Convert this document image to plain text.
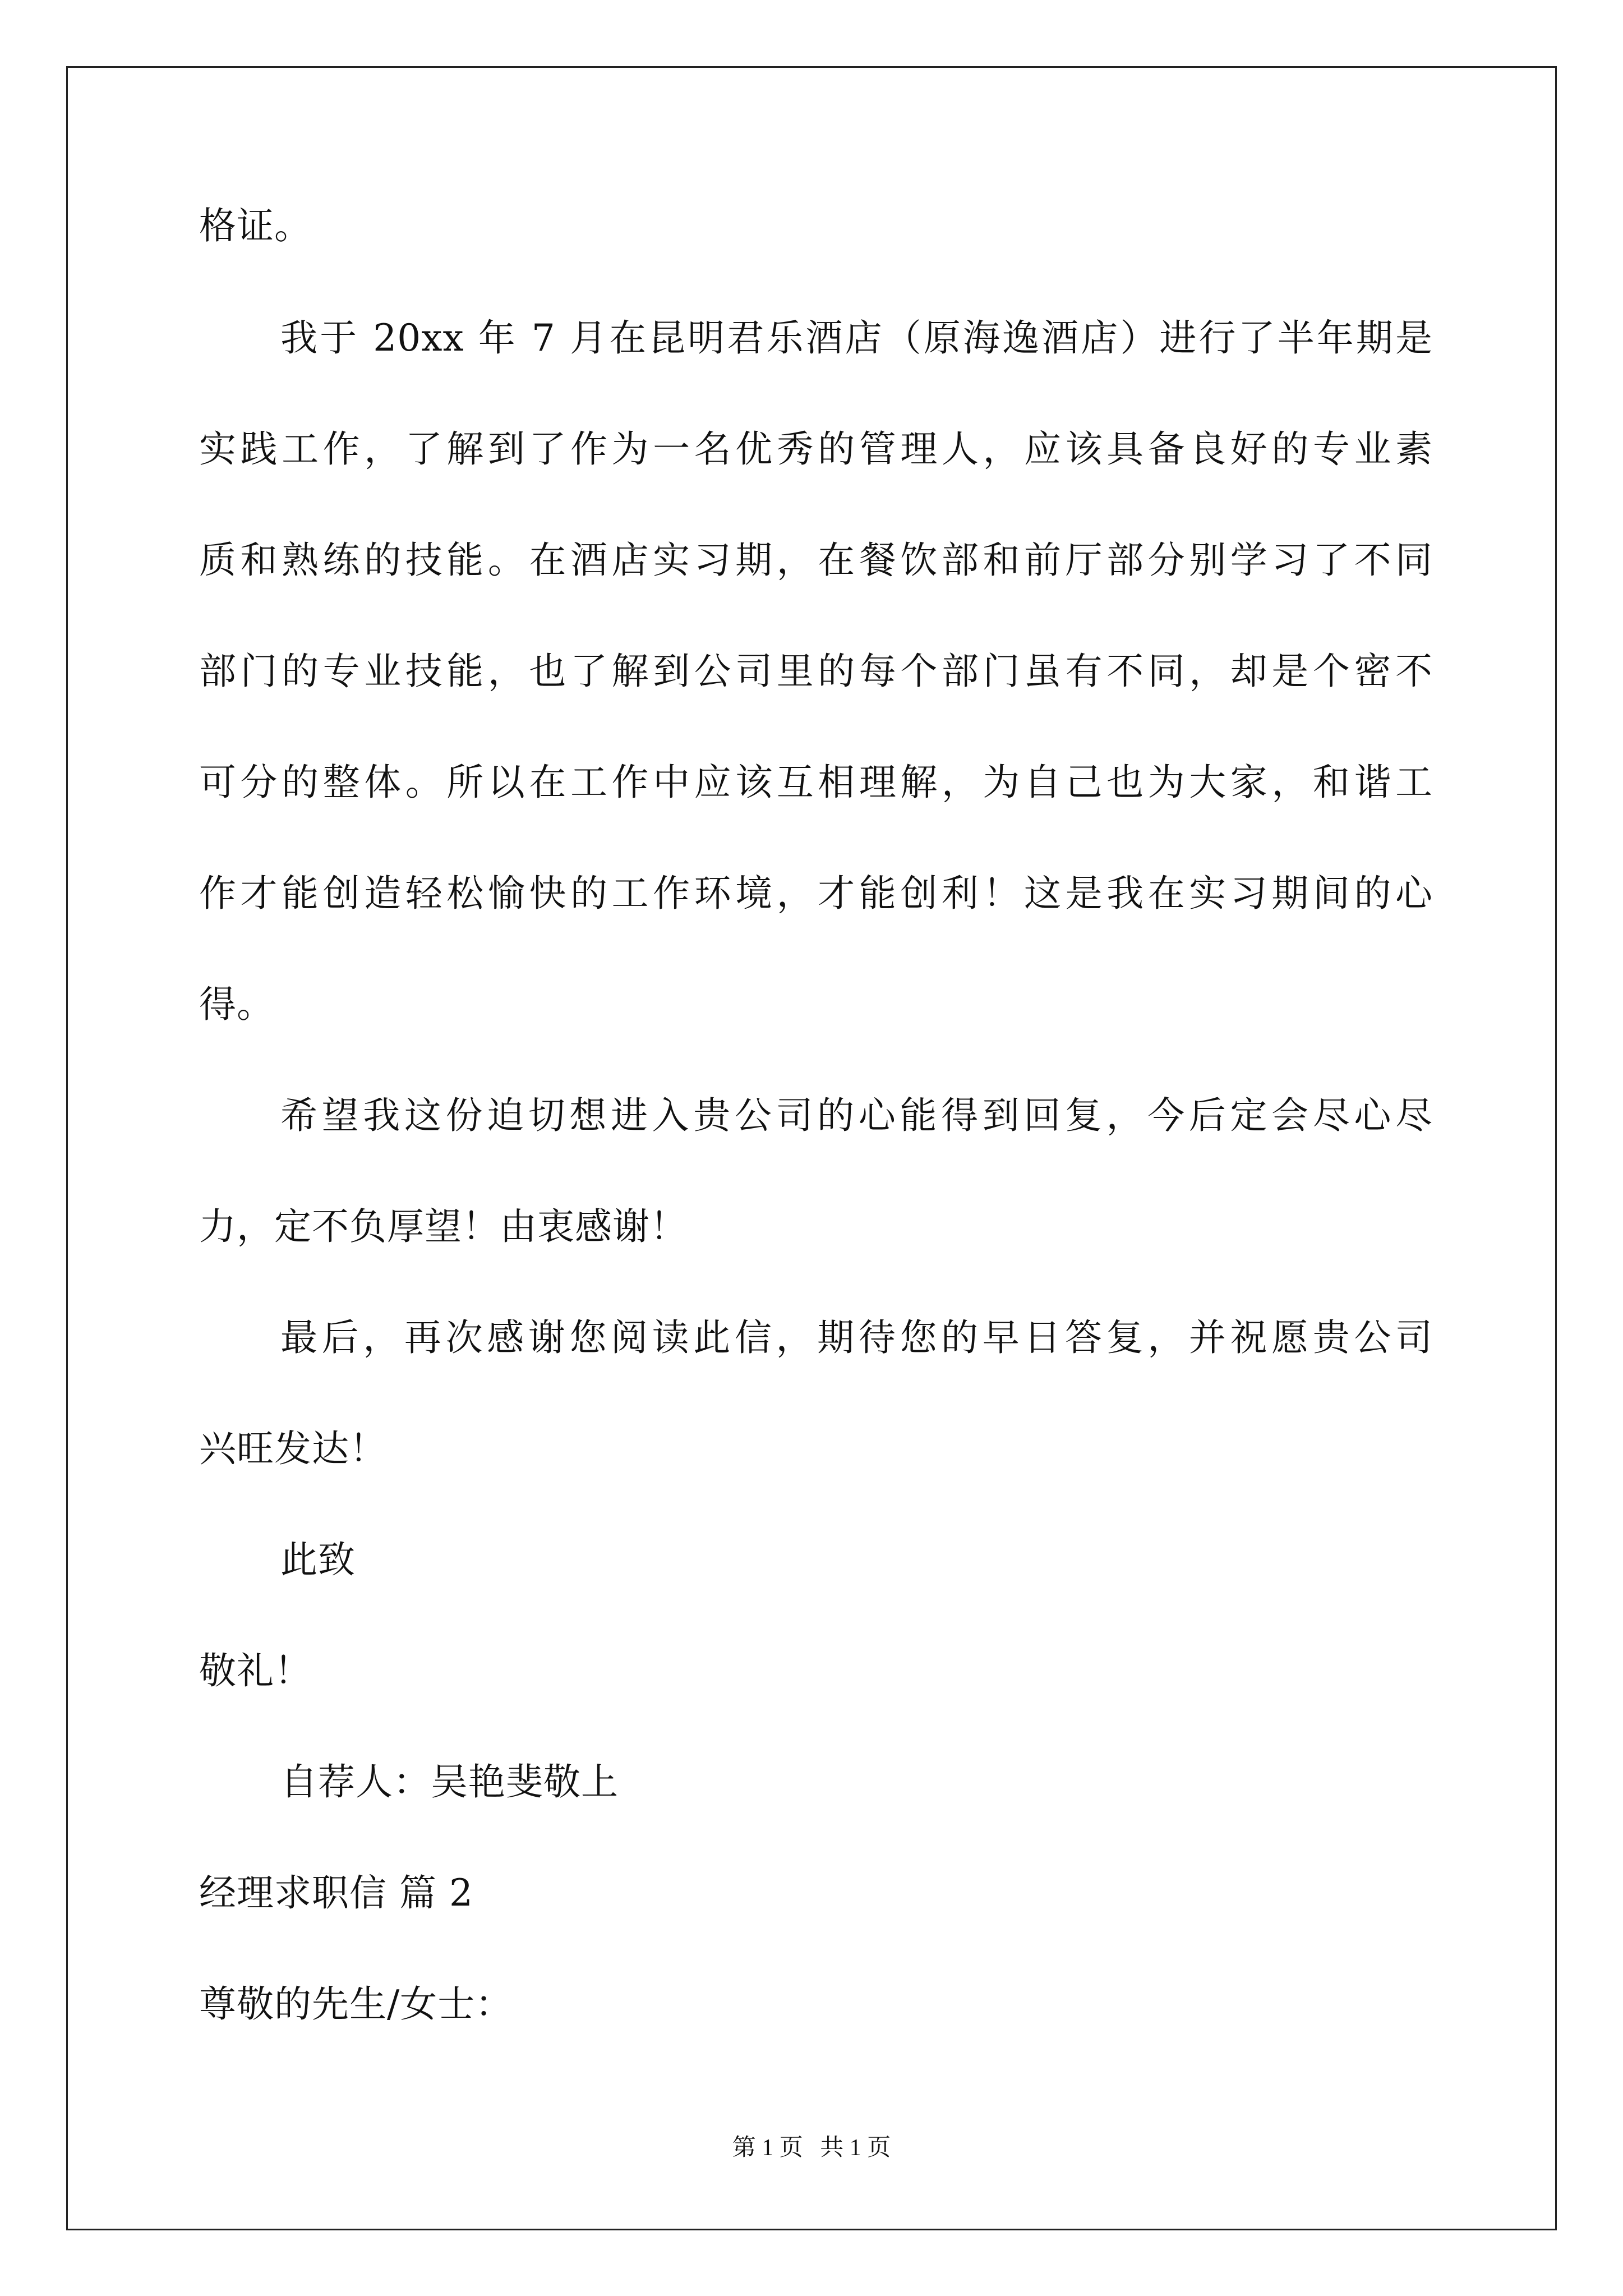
格证。
我于 20xx 年 7 月在昆明君乐酒店（原海逸酒店）进行了半年期是
实践工作，了解到了作为一名优秀的管理人，应该具备良好的专业素
质和熟练的技能。在酒店实习期，在餐饮部和前厅部分别学习了不同
部门的专业技能，也了解到公司里的每个部门虽有不同，却是个密不
可分的整体。所以在工作中应该互相理解，为自己也为大家，和谐工
作才能创造轻松愉快的工作环境，才能创利！这是我在实习期间的心
得。
希望我这份迫切想进入贵公司的心能得到回复，今后定会尽心尽
力，定不负厚望！由衷感谢！
最后，再次感谢您阅读此信，期待您的早日答复，并祝愿贵公司
兴旺发达！
此致
敬礼！
自荐人：吴艳斐敬上
经理求职信 篇 2
尊敬的先生/女士：
第 1 页 共 1 页
